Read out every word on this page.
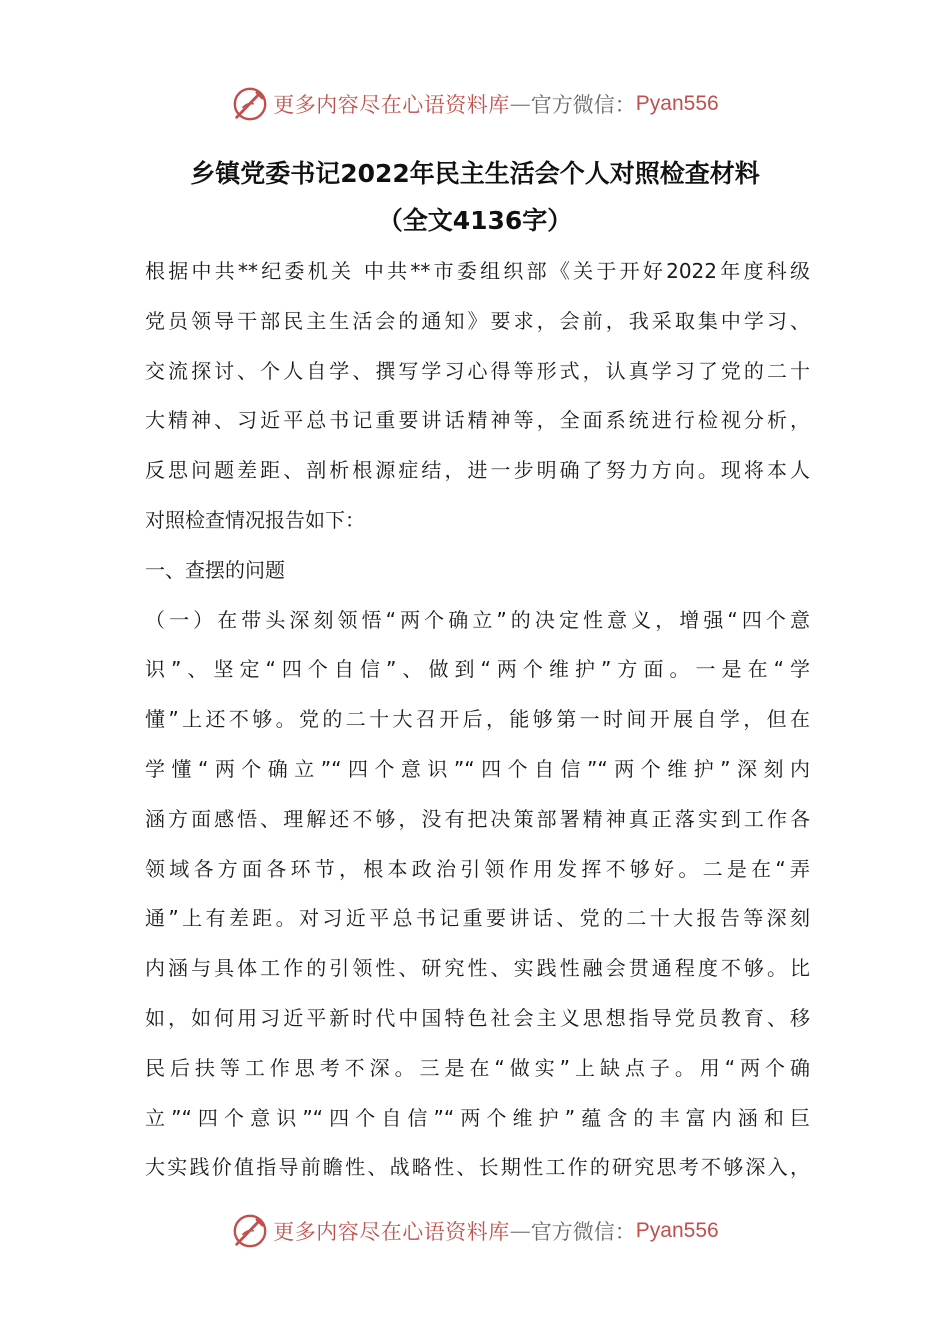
更多内容尽在心语资料库 — 官方微信： Pyan556
乡镇党委书记2022年民主生活会个人对照检查材料
（全文4136字）
根据中共**纪委机关 中共**市委组织部《关于开好2022年度科级
党员领导干部民主生活会的通知》要求，会前，我采取集中学习、
交流探讨、个人自学、撰写学习心得等形式，认真学习了党的二十
大精神、习近平总书记重要讲话精神等，全面系统进行检视分析，
反思问题差距、剖析根源症结，进一步明确了努力方向。现将本人
对照检查情况报告如下：
一、查摆的问题
（一）在带头深刻领悟“两个确立”的决定性意义，增强“四个意
识”、坚定“四个自信”、做到“两个维护”方面。一是在“学
懂”上还不够。党的二十大召开后，能够第一时间开展自学，但在
学懂“两个确立”“四个意识”“四个自信”“两个维护”深刻内
涵方面感悟、理解还不够，没有把决策部署精神真正落实到工作各
领域各方面各环节，根本政治引领作用发挥不够好。二是在“弄
通”上有差距。对习近平总书记重要讲话、党的二十大报告等深刻
内涵与具体工作的引领性、研究性、实践性融会贯通程度不够。比
如，如何用习近平新时代中国特色社会主义思想指导党员教育、移
民后扶等工作思考不深。三是在“做实”上缺点子。用“两个确
立”“四个意识”“四个自信”“两个维护”蕴含的丰富内涵和巨
大实践价值指导前瞻性、战略性、长期性工作的研究思考不够深入，
更多内容尽在心语资料库 — 官方微信： Pyan556
